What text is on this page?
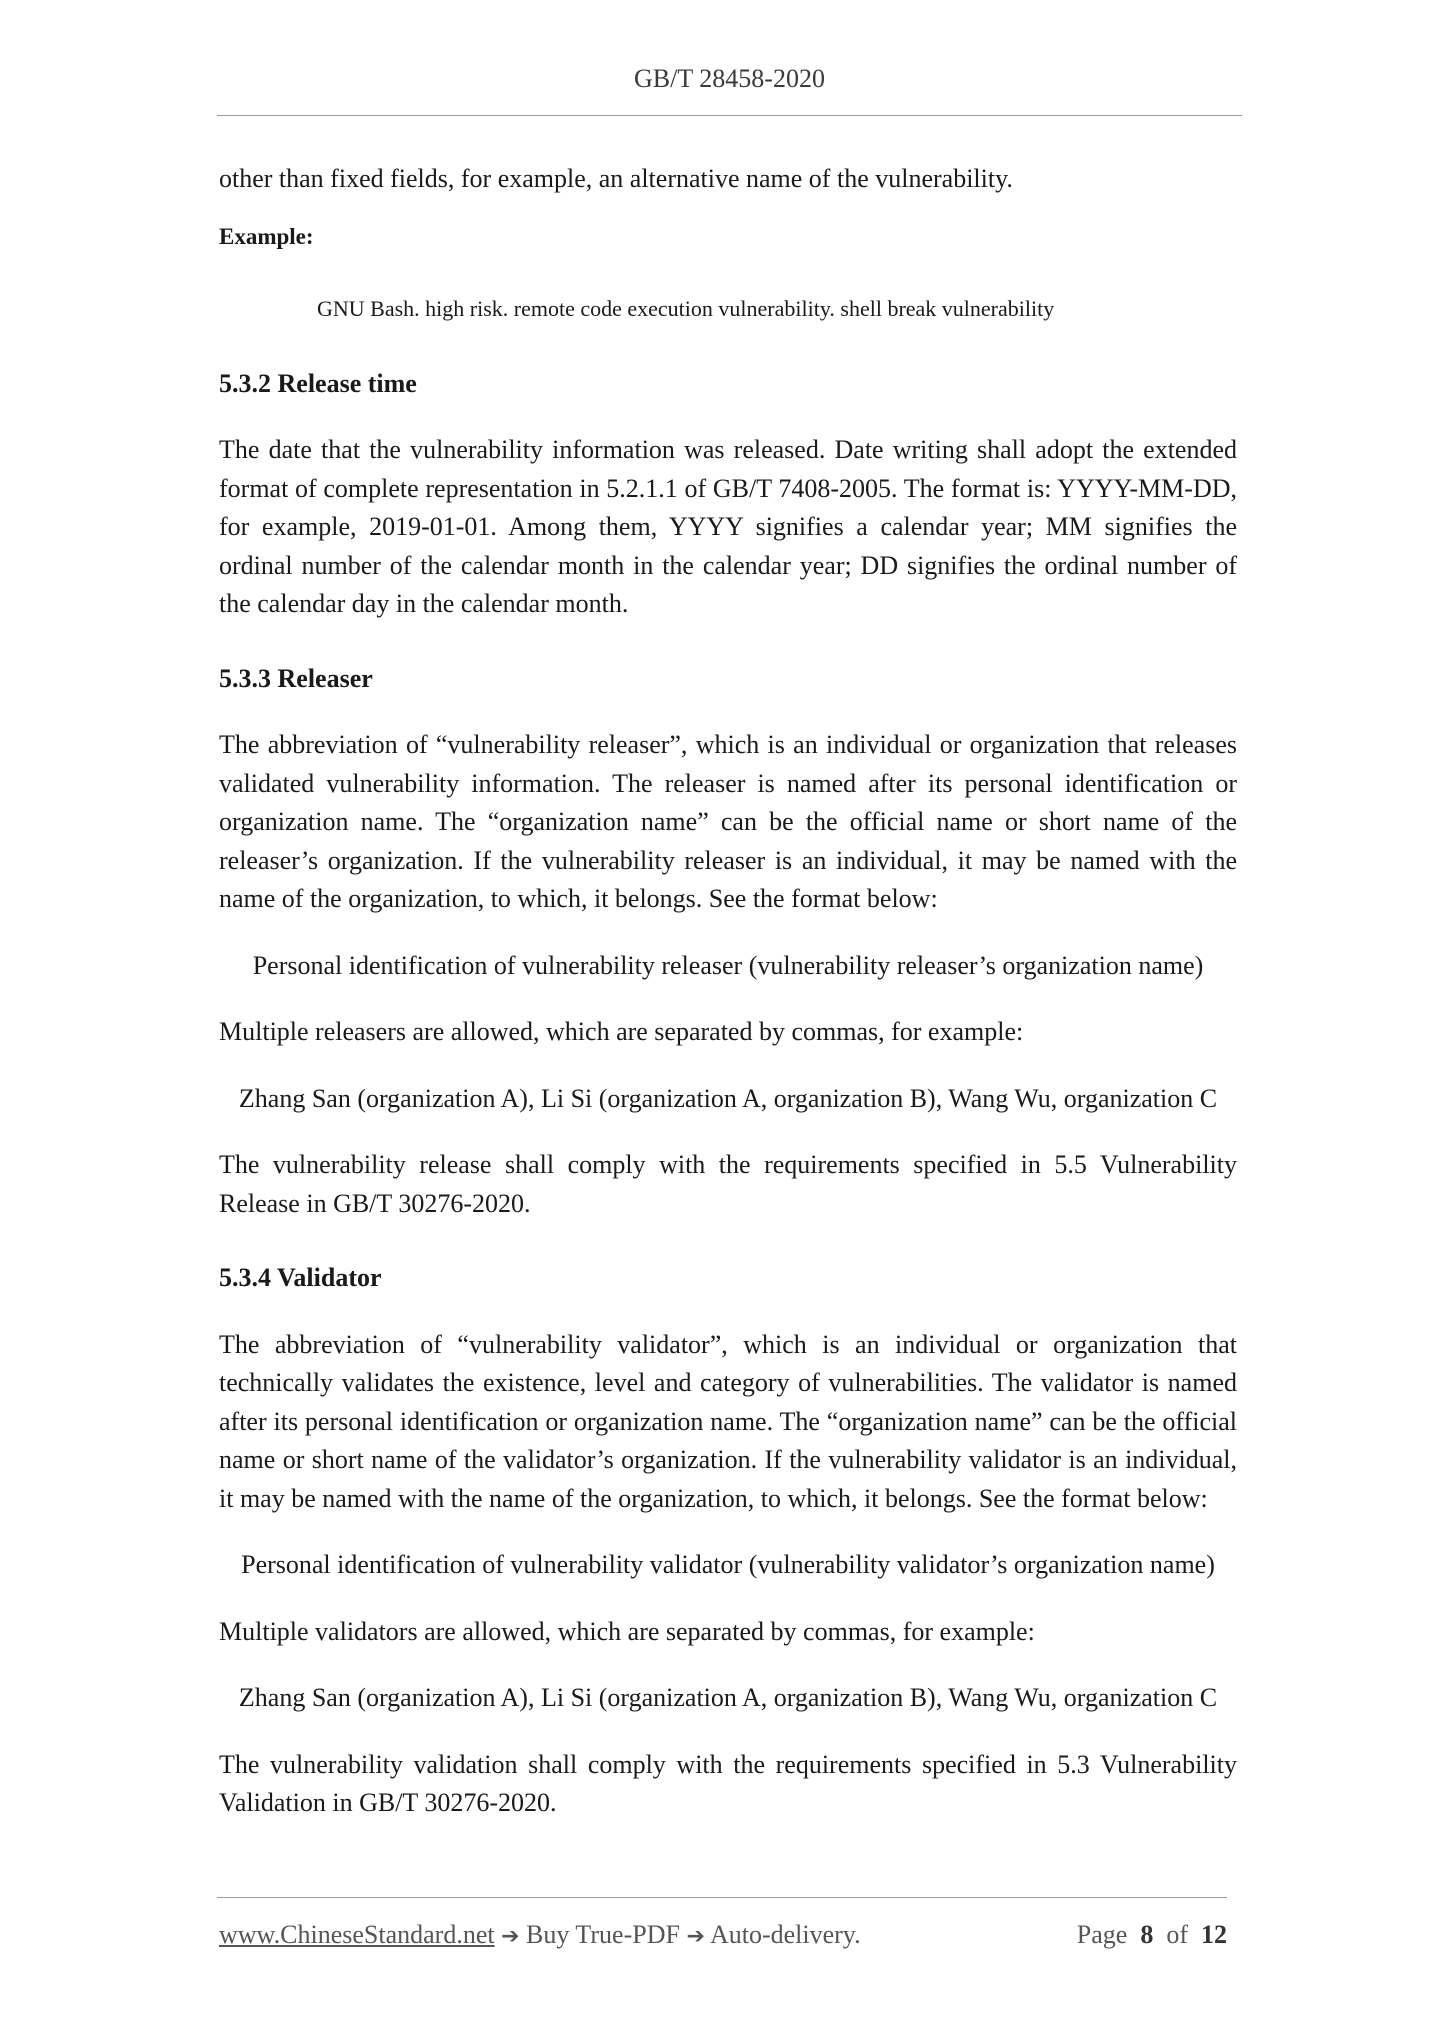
GB/T 28458-2020

other than fixed fields, for example, an alternative name of the vulnerability.

Example:

GNU Bash. high risk. remote code execution vulnerability. shell break vulnerability

5.3.2 Release time

The date that the vulnerability information was released. Date writing shall adopt the extended format of complete representation in 5.2.1.1 of GB/T 7408-2005. The format is: YYYY-MM-DD, for example, 2019-01-01. Among them, YYYY signifies a calendar year; MM signifies the ordinal number of the calendar month in the calendar year; DD signifies the ordinal number of the calendar day in the calendar month.

5.3.3 Releaser

The abbreviation of “vulnerability releaser”, which is an individual or organization that releases validated vulnerability information. The releaser is named after its personal identification or organization name. The “organization name” can be the official name or short name of the releaser’s organization. If the vulnerability releaser is an individual, it may be named with the name of the organization, to which, it belongs. See the format below:

Personal identification of vulnerability releaser (vulnerability releaser’s organization name)

Multiple releasers are allowed, which are separated by commas, for example:

Zhang San (organization A), Li Si (organization A, organization B), Wang Wu, organization C

The vulnerability release shall comply with the requirements specified in 5.5 Vulnerability Release in GB/T 30276-2020.

5.3.4 Validator

The abbreviation of “vulnerability validator”, which is an individual or organization that technically validates the existence, level and category of vulnerabilities. The validator is named after its personal identification or organization name. The “organization name” can be the official name or short name of the validator’s organization. If the vulnerability validator is an individual, it may be named with the name of the organization, to which, it belongs. See the format below:

Personal identification of vulnerability validator (vulnerability validator’s organization name)

Multiple validators are allowed, which are separated by commas, for example:

Zhang San (organization A), Li Si (organization A, organization B), Wang Wu, organization C

The vulnerability validation shall comply with the requirements specified in 5.3 Vulnerability Validation in GB/T 30276-2020.

www.ChineseStandard.net ➔ Buy True-PDF ➔ Auto-delivery.	Page 8 of 12
